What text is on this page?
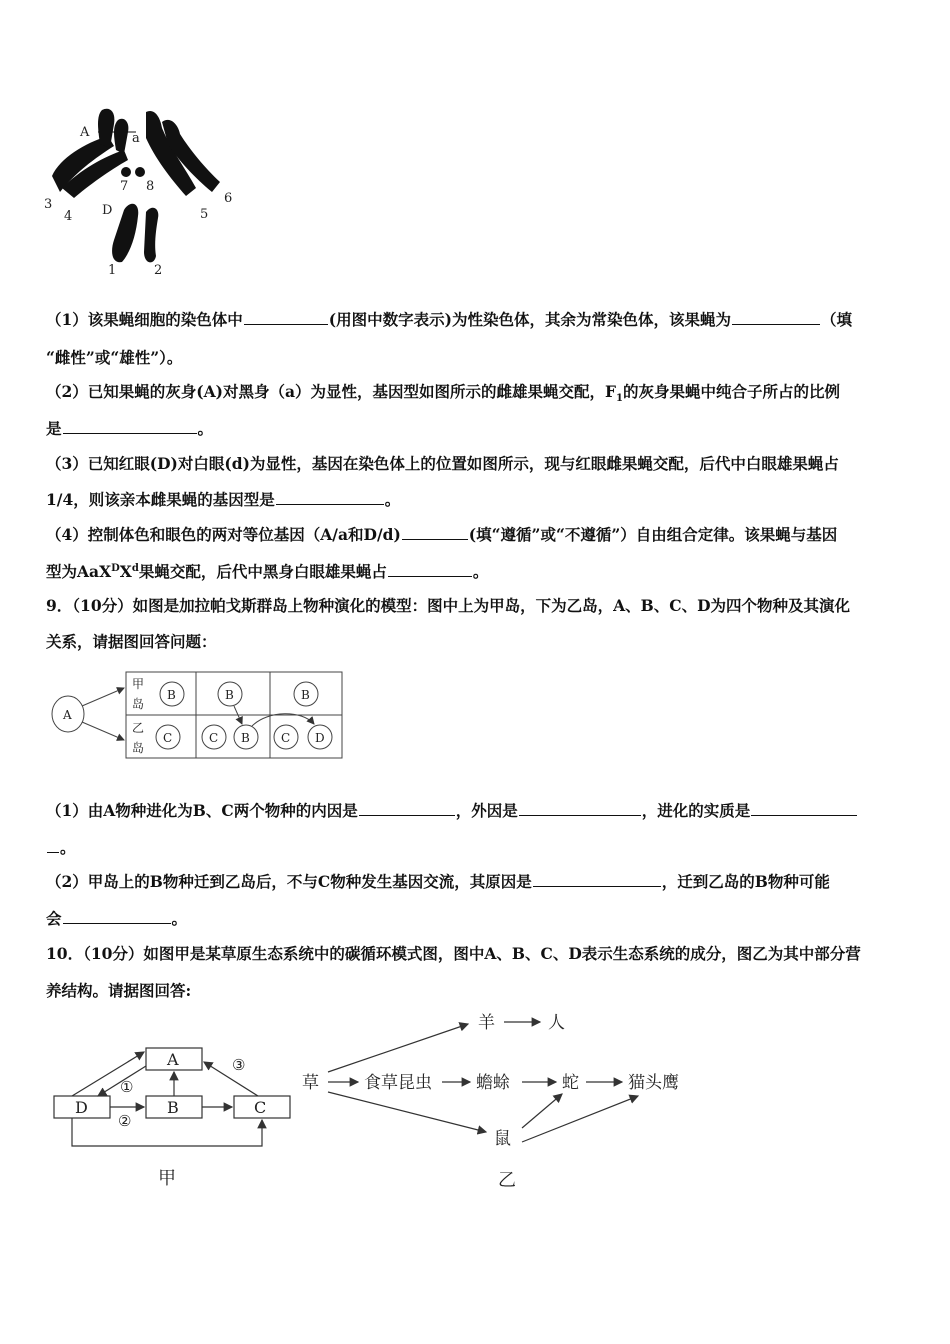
A	a
7 8
D
3
4	5
6
1	2
（1）该果蝇细胞的染色体中	(用图中数字表示)为性染色体，其余为常染色体，该果蝇为	（填
“雌性”或“雄性”）。
（2）已知果蝇的灰身(A)对黑身（a）为显性，基因型如图所示的雌雄果蝇交配，$F_1$的灰身果蝇中纯合子所占的比例
是	。
（3）已知红眼(D)对白眼(d)为显性，基因在染色体上的位置如图所示，现与红眼雌果蝇交配，后代中白眼雄果蝇占
1/4，则该亲本雌果蝇的基因型是	。
（4）控制体色和眼色的两对等位基因（A/a和D/d)	(填“遵循”或“不遵循”）自由组合定律。该果蝇与基因
型为$AaX^DX^d$果蝇交配，后代中黑身白眼雄果蝇占	。
9．（10分）如图是加拉帕戈斯群岛上物种演化的模型：图中上为甲岛，下为乙岛，A、B、C、D为四个物种及其演化
关系，请据图回答问题：
A
甲
岛
乙
岛
B	B	B
C	C B	C D
（1）由A物种进化为B、C两个物种的内因是	，外因是	，进化的实质是
。
（2）甲岛上的B物种迁到乙岛后，不与C物种发生基因交流，其原因是	，迁到乙岛的B物种可能
会	。
10．（10分）如图甲是某草原生态系统中的碳循环模式图，图中A、B、C、D表示生态系统的成分，图乙为其中部分营
养结构。请据图回答:
A
D	B	C
①
②
③
甲
草	食草昆虫	蟾蜍	蛇	猫头鹰
羊	人
鼠
乙
